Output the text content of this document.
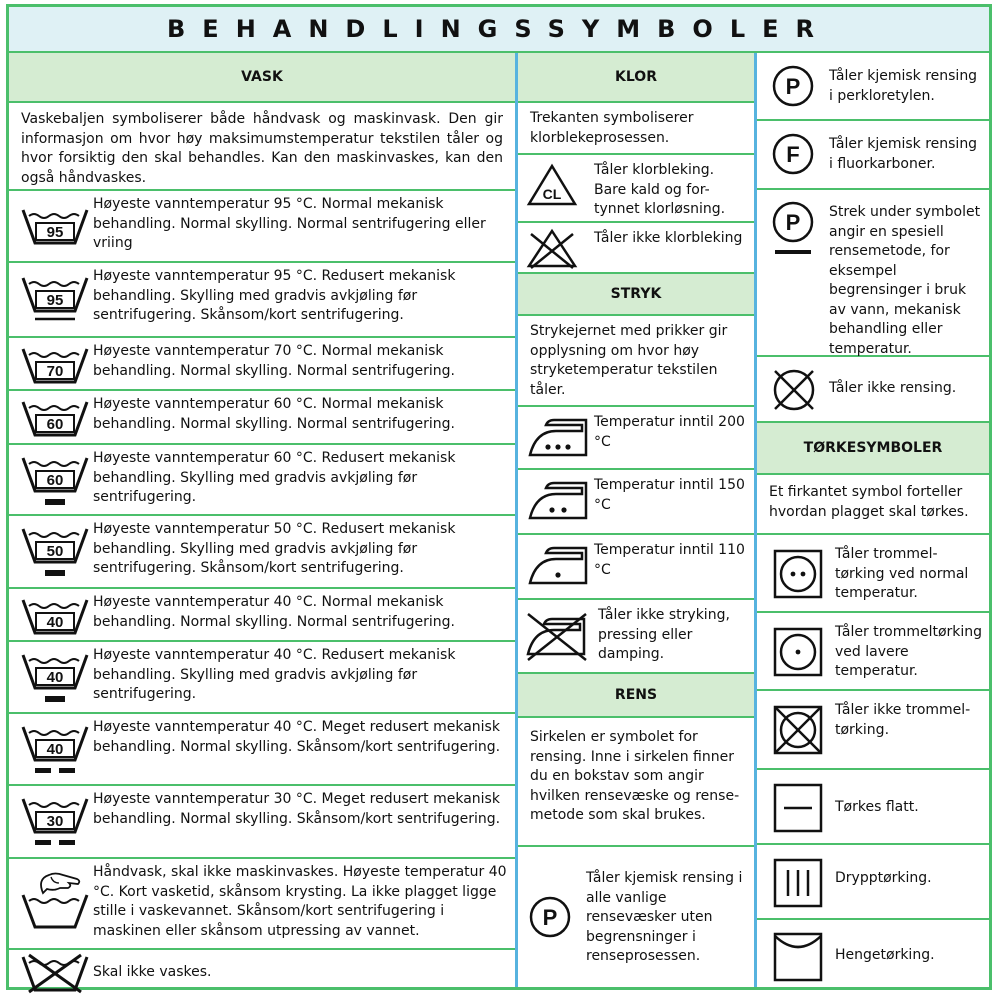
BEHANDLINGSSYMBOLER
VASK
Vaskebaljen symboliserer både håndvask og maskinvask. Den gir informasjon om hvor høy maksimumstemperatur tekstilen tåler og hvor forsiktig den skal behandles. Kan den maskinvaskes, kan den også håndvaskes.
95
Høyeste vanntemperatur 95 °C. Normal mekanisk behandling. Normal skylling. Normal sentrifugering eller vriing
95
Høyeste vanntemperatur 95 °C. Redusert mekanisk behandling. Skylling med gradvis avkjøling før sentrifugering. Skånsom/kort sentrifugering.
70
Høyeste vanntemperatur 70 °C. Normal mekanisk behandling. Normal skylling. Normal sentrifugering.
60
Høyeste vanntemperatur 60 °C. Normal mekanisk behandling. Normal skylling. Normal sentrifugering.
60
Høyeste vanntemperatur 60 °C. Redusert mekanisk behandling. Skylling med gradvis avkjøling før sentrifugering.
50
Høyeste vanntemperatur 50 °C. Redusert mekanisk behandling. Skylling med gradvis avkjøling før sentrifugering. Skånsom/kort sentrifugering.
40
Høyeste vanntemperatur 40 °C. Normal mekanisk behandling. Normal skylling. Normal sentrifugering.
40
Høyeste vanntemperatur 40 °C. Redusert mekanisk behandling. Skylling med gradvis avkjøling før sentrifugering.
40
Høyeste vanntemperatur 40 °C. Meget redusert mekanisk behandling. Normal skylling. Skånsom/kort sentrifugering.
30
Høyeste vanntemperatur 30 °C. Meget redusert mekanisk behandling. Normal skylling. Skånsom/kort sentrifugering.
Håndvask, skal ikke maskinvaskes. Høyeste temperatur 40 °C. Kort vasketid, skånsom krysting. La ikke plagget ligge stille i vaskevannet. Skånsom/kort sentrifugering i maskinen eller skånsom utpressing av vannet.
Skal ikke vaskes.
KLOR
Trekanten symboliserer klorblekeprosessen.
CL
Tåler klorbleking. Bare kald og for-tynnet klorløsning.
Tåler ikke klorbleking
STRYK
Strykejernet med prikker gir opplysning om hvor høy stryketemperatur tekstilen tåler.
Temperatur inntil 200 °C
Temperatur inntil 150 °C
Temperatur inntil 110 °C
Tåler ikke stryking, pressing eller damping.
RENS
Sirkelen er symbolet for rensing. Inne i sirkelen finner du en bokstav som angir hvilken rensevæske og rense-metode som skal brukes.
P
Tåler kjemisk rensing i alle vanlige rensevæsker uten begrensninger i renseprosessen.
P Tåler kjemisk rensing i perkloretylen.
F Tåler kjemisk rensing i fluorkarboner.
P Strek under symbolet angir en spesiell rensemetode, for eksempel begrensinger i bruk av vann, mekanisk behandling eller temperatur.
Tåler ikke rensing.
TØRKESYMBOLER
Et firkantet symbol forteller hvordan plagget skal tørkes.
Tåler trommel-tørking ved normal temperatur.
Tåler trommeltørking ved lavere temperatur.
Tåler ikke trommel-tørking.
Tørkes flatt.
Drypptørking.
Hengetørking.
